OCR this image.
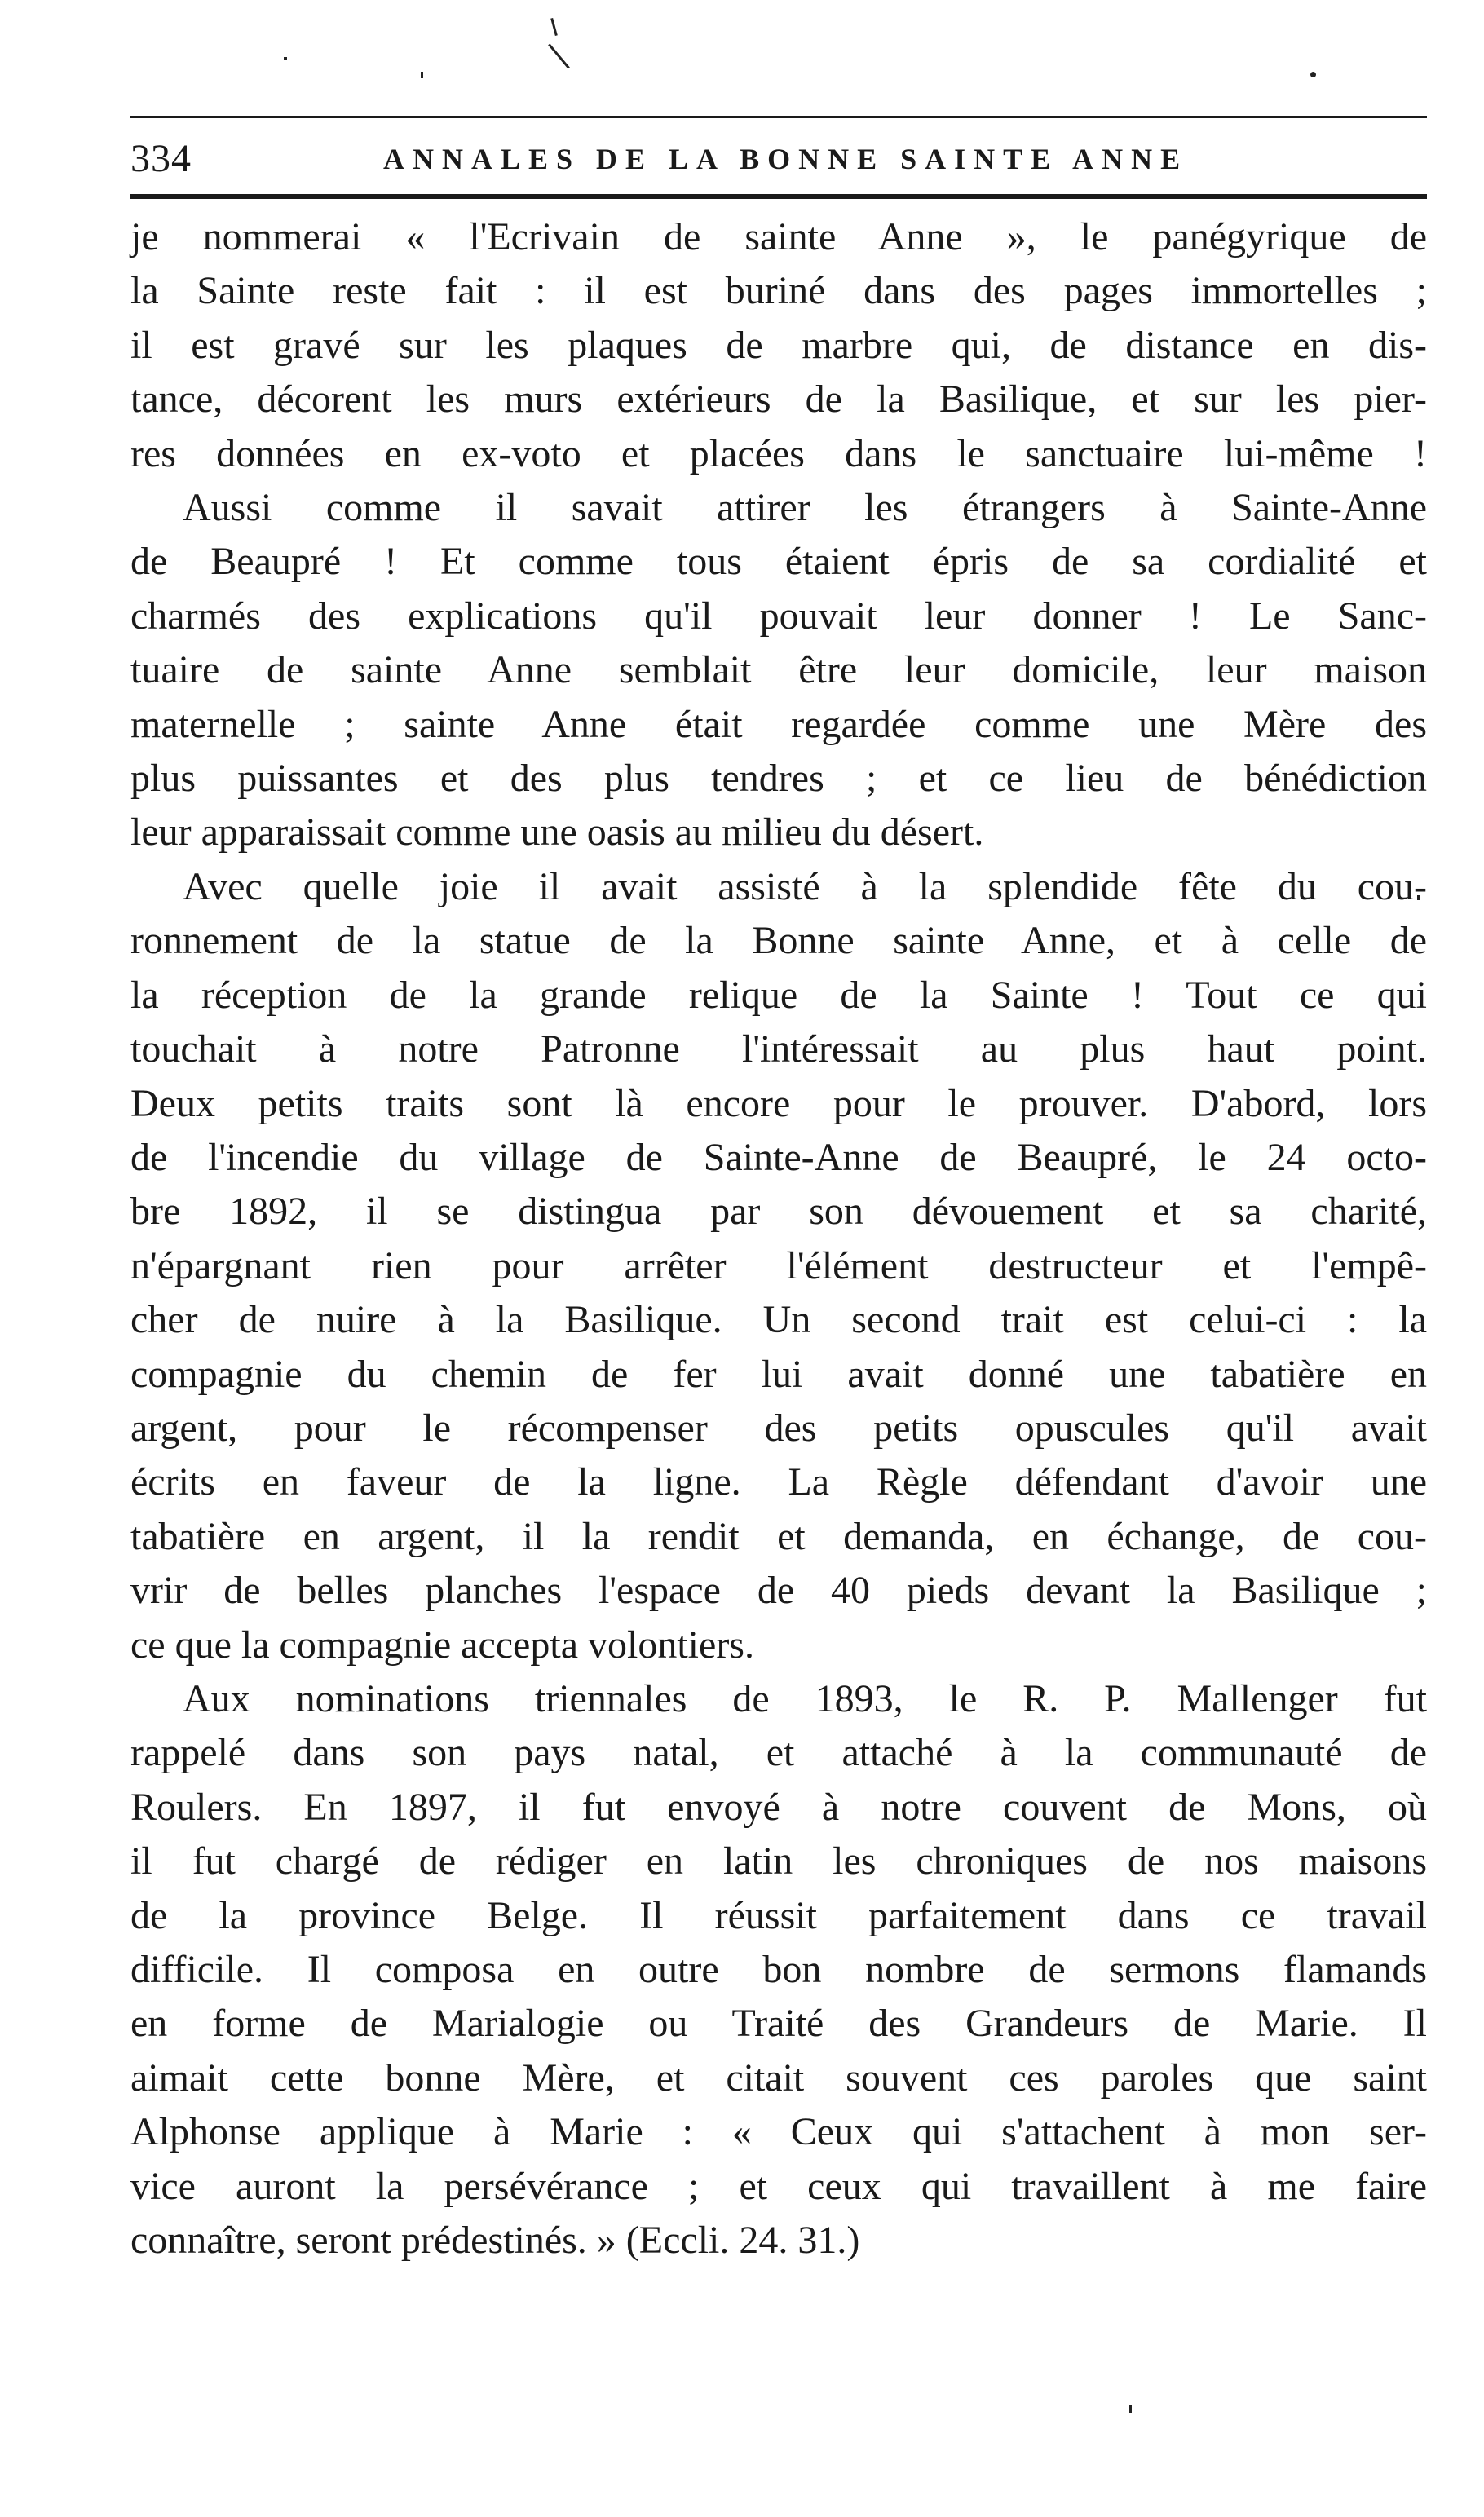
334	ANNALES DE LA BONNE SAINTE ANNE
je nommerai « l'Ecrivain de sainte Anne », le panégyrique de
la Sainte reste fait : il est buriné dans des pages immortelles ;
il est gravé sur les plaques de marbre qui, de distance en dis-
tance, décorent les murs extérieurs de la Basilique, et sur les pier-
res données en ex-voto et placées dans le sanctuaire lui-même !
Aussi comme il savait attirer les étrangers à Sainte-Anne
de Beaupré ! Et comme tous étaient épris de sa cordialité et
charmés des explications qu'il pouvait leur donner ! Le Sanc-
tuaire de sainte Anne semblait être leur domicile, leur maison
maternelle ; sainte Anne était regardée comme une Mère des
plus puissantes et des plus tendres ; et ce lieu de bénédiction
leur apparaissait comme une oasis au milieu du désert.
Avec quelle joie il avait assisté à la splendide fête du cou-
ronnement de la statue de la Bonne sainte Anne, et à celle de
la réception de la grande relique de la Sainte ! Tout ce qui
touchait à notre Patronne l'intéressait au plus haut point.
Deux petits traits sont là encore pour le prouver. D'abord, lors
de l'incendie du village de Sainte-Anne de Beaupré, le 24 octo-
bre 1892, il se distingua par son dévouement et sa charité,
n'épargnant rien pour arrêter l'élément destructeur et l'empê-
cher de nuire à la Basilique. Un second trait est celui-ci : la
compagnie du chemin de fer lui avait donné une tabatière en
argent, pour le récompenser des petits opuscules qu'il avait
écrits en faveur de la ligne. La Règle défendant d'avoir une
tabatière en argent, il la rendit et demanda, en échange, de cou-
vrir de belles planches l'espace de 40 pieds devant la Basilique ;
ce que la compagnie accepta volontiers.
Aux nominations triennales de 1893, le R. P. Mallenger fut
rappelé dans son pays natal, et attaché à la communauté de
Roulers. En 1897, il fut envoyé à notre couvent de Mons, où
il fut chargé de rédiger en latin les chroniques de nos maisons
de la province Belge. Il réussit parfaitement dans ce travail
difficile. Il composa en outre bon nombre de sermons flamands
en forme de Marialogie ou Traité des Grandeurs de Marie. Il
aimait cette bonne Mère, et citait souvent ces paroles que saint
Alphonse applique à Marie : « Ceux qui s'attachent à mon ser-
vice auront la persévérance ; et ceux qui travaillent à me faire
connaître, seront prédestinés. » (Eccli. 24. 31.)
